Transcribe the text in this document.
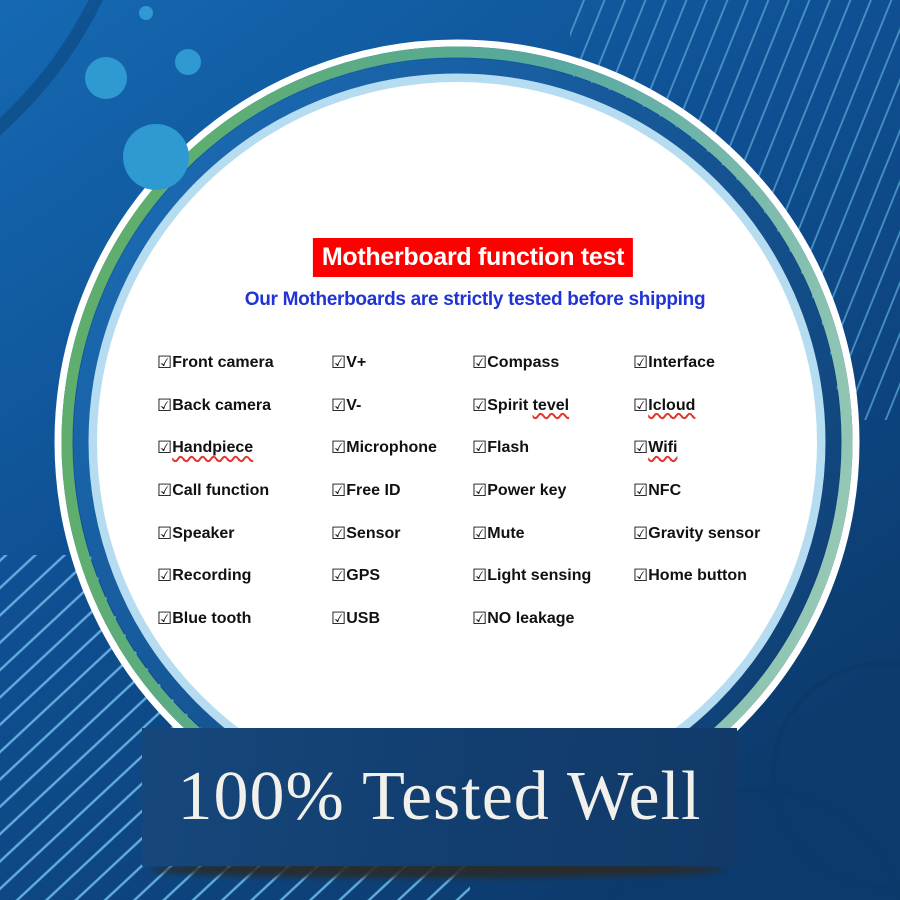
Motherboard function test
Our Motherboards are strictly tested before shipping
☑Front camera	☑V+	☑Compass	☑Interface
☑Back camera	☑V-	☑Spirit tevel	☑Icloud
☑Handpiece	☑Microphone	☑Flash	☑Wifi
☑Call function	☑Free ID	☑Power key	☑NFC
☑Speaker	☑Sensor	☑Mute	☑Gravity sensor
☑Recording	☑GPS	☑Light sensing	☑Home button
☑Blue tooth	☑USB	☑NO leakage
100% Tested Well
